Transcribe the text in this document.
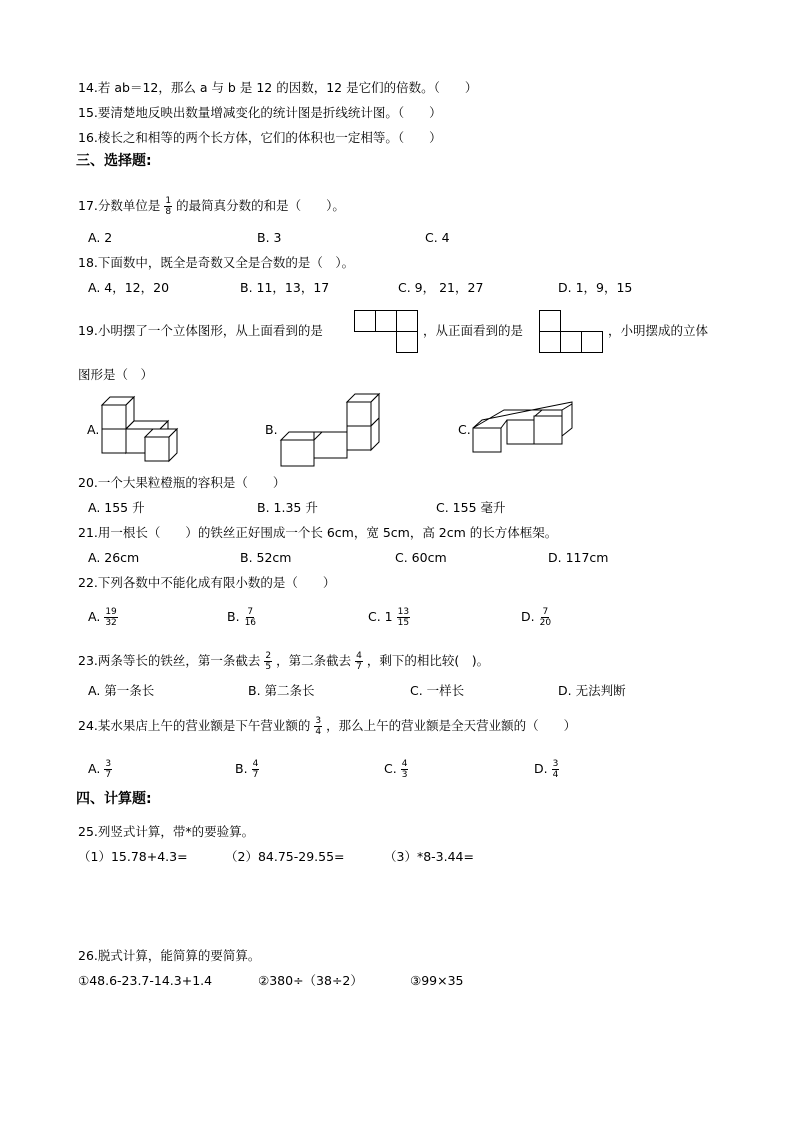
14.若 ab＝12，那么 a 与 b 是 12 的因数，12 是它们的倍数。（　　）
15.要清楚地反映出数量增减变化的统计图是折线统计图。（　　）
16.棱长之和相等的两个长方体，它们的体积也一定相等。（　　）
三、选择题:
17.分数单位是 $\frac{1}{8}$ 的最简真分数的和是（　　）。
A. 2	B. 3	C. 4
18.下面数中，既全是奇数又全是合数的是（　）。
A. 4，12，20	B. 11，13，17	C. 9， 21，27	D. 1，9，15
19.小明摆了一个立体图形，从上面看到的是	，从正面看到的是	，小明摆成的立体
图形是（　）
A.	B.	C.
20.一个大果粒橙瓶的容积是（　　）
A. 155 升	B. 1.35 升	C. 155 毫升
21.用一根长（　　）的铁丝正好围成一个长 6cm，宽 5cm，高 2cm 的长方体框架。
A. 26cm	B. 52cm	C. 60cm	D. 117cm
22.下列各数中不能化成有限小数的是（　　）
A. $\frac{19}{32}$	B. $\frac{7}{16}$	C. $1 \frac{13}{15}$	D. $\frac{7}{20}$
23.两条等长的铁丝，第一条截去 $\frac{2}{5}$ ，第二条截去 $\frac{4}{7}$ ，剩下的相比较(　)。
A. 第一条长	B. 第二条长	C. 一样长	D. 无法判断
24.某水果店上午的营业额是下午营业额的 $\frac{3}{4}$ ，那么上午的营业额是全天营业额的（　　）
A. $\frac{3}{7}$	B. $\frac{4}{7}$	C. $\frac{4}{3}$	D. $\frac{3}{4}$
四、计算题:
25.列竖式计算，带*的要验算。
（1）15.78+4.3=	（2）84.75-29.55=	（3）*8-3.44=
26.脱式计算，能简算的要简算。
①48.6-23.7-14.3+1.4	②380÷（38÷2）	③99×35
